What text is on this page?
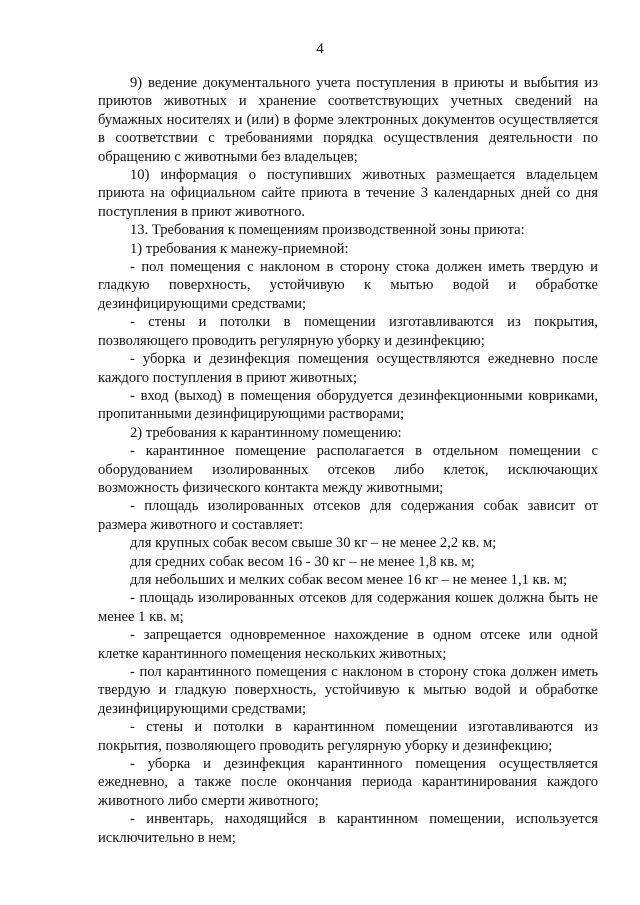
4

9) ведение документального учета поступления в приюты и выбытия из приютов животных и хранение соответствующих учетных сведений на бумажных носителях и (или) в форме электронных документов осуществляется в соответствии с требованиями порядка осуществления деятельности по обращению с животными без владельцев;

10) информация о поступивших животных размещается владельцем приюта на официальном сайте приюта в течение 3 календарных дней со дня поступления в приют животного.

13. Требования к помещениям производственной зоны приюта:

1) требования к манежу-приемной:

- пол помещения с наклоном в сторону стока должен иметь твердую и гладкую поверхность, устойчивую к мытью водой и обработке дезинфицирующими средствами;

- стены и потолки в помещении изготавливаются из покрытия, позволяющего проводить регулярную уборку и дезинфекцию;

- уборка и дезинфекция помещения осуществляются ежедневно после каждого поступления в приют животных;

- вход (выход) в помещения оборудуется дезинфекционными ковриками, пропитанными дезинфицирующими растворами;

2) требования к карантинному помещению:

- карантинное помещение располагается в отдельном помещении с оборудованием изолированных отсеков либо клеток, исключающих возможность физического контакта между животными;

- площадь изолированных отсеков для содержания собак зависит от размера животного и составляет:

для крупных собак весом свыше 30 кг – не менее 2,2 кв. м;

для средних собак весом 16 - 30 кг – не менее 1,8 кв. м;

для небольших и мелких собак весом менее 16 кг – не менее 1,1 кв. м;

- площадь изолированных отсеков для содержания кошек должна быть не менее 1 кв. м;

- запрещается одновременное нахождение в одном отсеке или одной клетке карантинного помещения нескольких животных;

- пол карантинного помещения с наклоном в сторону стока должен иметь твердую и гладкую поверхность, устойчивую к мытью водой и обработке дезинфицирующими средствами;

- стены и потолки в карантинном помещении изготавливаются из покрытия, позволяющего проводить регулярную уборку и дезинфекцию;

- уборка и дезинфекция карантинного помещения осуществляется ежедневно, а также после окончания периода карантинирования каждого животного либо смерти животного;

- инвентарь, находящийся в карантинном помещении, используется исключительно в нем;
